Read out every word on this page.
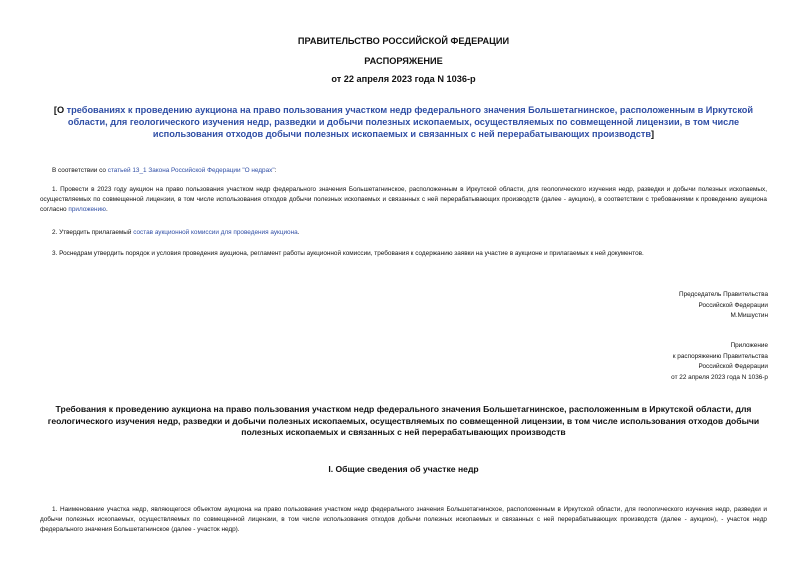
ПРАВИТЕЛЬСТВО РОССИЙСКОЙ ФЕДЕРАЦИИ
РАСПОРЯЖЕНИЕ
от 22 апреля 2023 года N 1036-р
[О требованиях к проведению аукциона на право пользования участком недр федерального значения Большетагнинское, расположенным в Иркутской области, для геологического изучения недр, разведки и добычи полезных ископаемых, осуществляемых по совмещенной лицензии, в том числе использования отходов добычи полезных ископаемых и связанных с ней перерабатывающих производств]
В соответствии со статьей 13_1 Закона Российской Федерации "О недрах":
1. Провести в 2023 году аукцион на право пользования участком недр федерального значения Большетагнинское, расположенным в Иркутской области, для геологического изучения недр, разведки и добычи полезных ископаемых, осуществляемых по совмещенной лицензии, в том числе использования отходов добычи полезных ископаемых и связанных с ней перерабатывающих производств (далее - аукцион), в соответствии с требованиями к проведению аукциона согласно приложению.
2. Утвердить прилагаемый состав аукционной комиссии для проведения аукциона.
3. Роснедрам утвердить порядок и условия проведения аукциона, регламент работы аукционной комиссии, требования к содержанию заявки на участие в аукционе и прилагаемых к ней документов.
Председатель Правительства
Российской Федерации
М.Мишустин
Приложение
к распоряжению Правительства
Российской Федерации
от 22 апреля 2023 года N 1036-р
Требования к проведению аукциона на право пользования участком недр федерального значения Большетагнинское, расположенным в Иркутской области, для геологического изучения недр, разведки и добычи полезных ископаемых, осуществляемых по совмещенной лицензии, в том числе использования отходов добычи полезных ископаемых и связанных с ней перерабатывающих производств
I. Общие сведения об участке недр
1. Наименование участка недр, являющегося объектом аукциона на право пользования участком недр федерального значения Большетагнинское, расположенным в Иркутской области, для геологического изучения недр, разведки и добычи полезных ископаемых, осуществляемых по совмещенной лицензии, в том числе использования отходов добычи полезных ископаемых и связанных с ней перерабатывающих производств (далее - аукцион), - участок недр федерального значения Большетагнинское (далее - участок недр).
